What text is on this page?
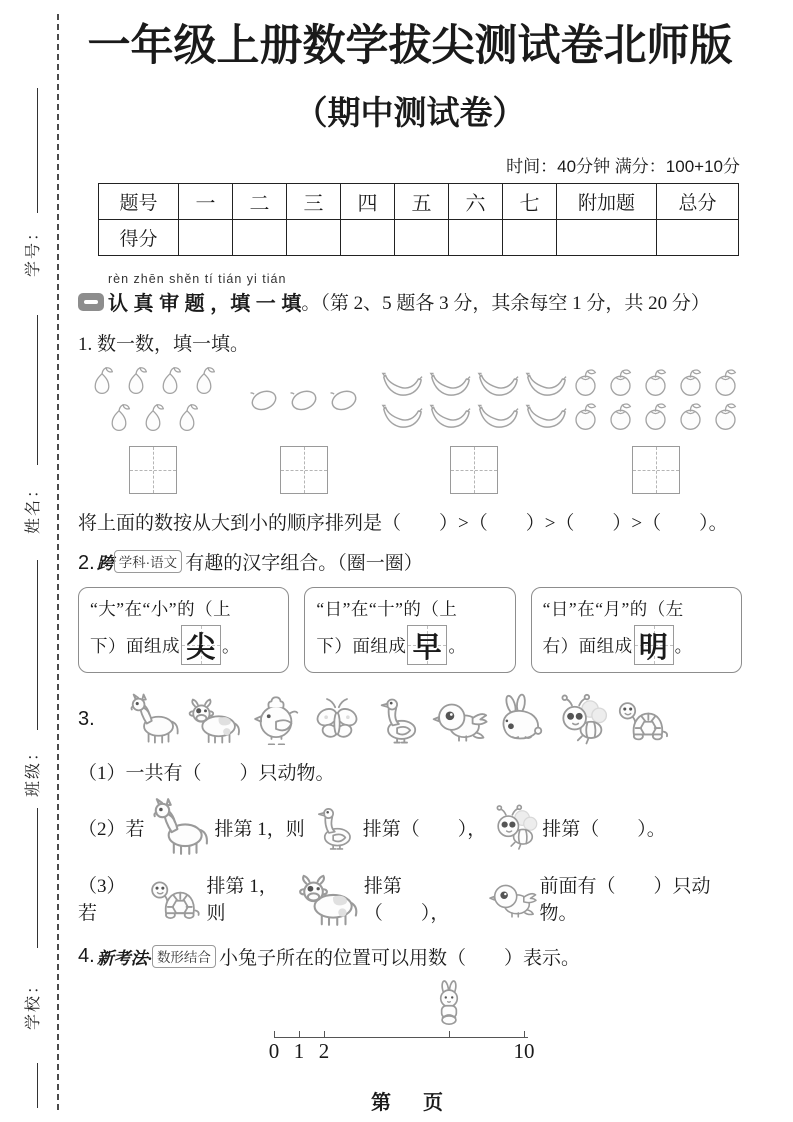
学号：
姓名：
班级：
学校：
一年级上册数学拔尖测试卷北师版
（期中测试卷）
时间：40分钟 满分：100+10分
题号	一	二	三	四	五	六	七	附加题	总分
得分									
rèn zhēn shěn tí tián yi tián
认 真 审 题 ，填 一 填 。（第 2、5 题各 3 分，其余每空 1 分，共 20 分）
1. 数一数，填一填。
将上面的数按从大到小的顺序排列是（　　）>（　　）>（　　）>（　　）。
2. 跨 学科·语文 有趣的汉字组合。（圈一圈）
“大”在“小”的（上
下）面组成 尖 。
“日”在“十”的（上
下）面组成 早 。
“日”在“月”的（左
右）面组成 明 。
3.
（1）一共有（　　）只动物。
（2）若	排第 1，则	排第（　　），	排第（　　）。
（3）若
排第 1，则
排第（　　），
前面有（　　）只动物。
4. 新考法· 数形结合 小兔子所在的位置可以用数（　　）表示。
0 1 2	10
第　页
